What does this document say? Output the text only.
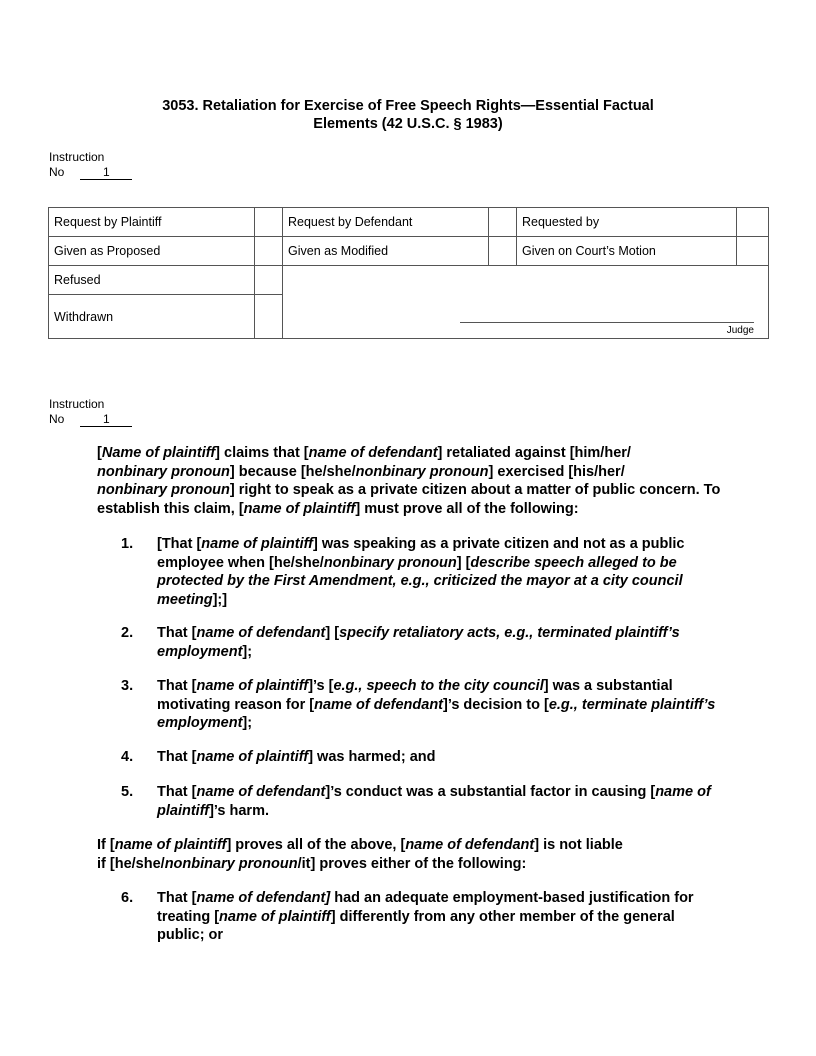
3053. Retaliation for Exercise of Free Speech Rights—Essential Factual
Elements (42 U.S.C. § 1983)
Instruction
No	1
Request by Plaintiff		Request by Defendant		Requested by	
Given as Proposed		Given as Modified		Given on Court’s Motion	
Refused		Judge			

Withdrawn					
Instruction
No	1

[Name of plaintiff] claims that [name of defendant] retaliated against [him/her/
nonbinary pronoun] because [he/she/nonbinary pronoun] exercised [his/her/
nonbinary pronoun] right to speak as a private citizen about a matter of public concern. To establish this claim, [name of plaintiff] must prove all of the following:

1. [That [name of plaintiff] was speaking as a private citizen and not as a public employee when [he/she/nonbinary pronoun] [describe speech alleged to be protected by the First Amendment, e.g., criticized the mayor at a city council meeting];]
2. That [name of defendant] [specify retaliatory acts, e.g., terminated plaintiff’s employment];
3. That [name of plaintiff]’s [e.g., speech to the city council] was a substantial motivating reason for [name of defendant]’s decision to [e.g., terminate plaintiff’s employment];
4. That [name of plaintiff] was harmed; and
5. That [name of defendant]’s conduct was a substantial factor in causing [name of plaintiff]’s harm.

If [name of plaintiff] proves all of the above, [name of defendant] is not liable
if [he/she/nonbinary pronoun/it] proves either of the following:

6. That [name of defendant] had an adequate employment-based justification for treating [name of plaintiff] differently from any other member of the general public; or
